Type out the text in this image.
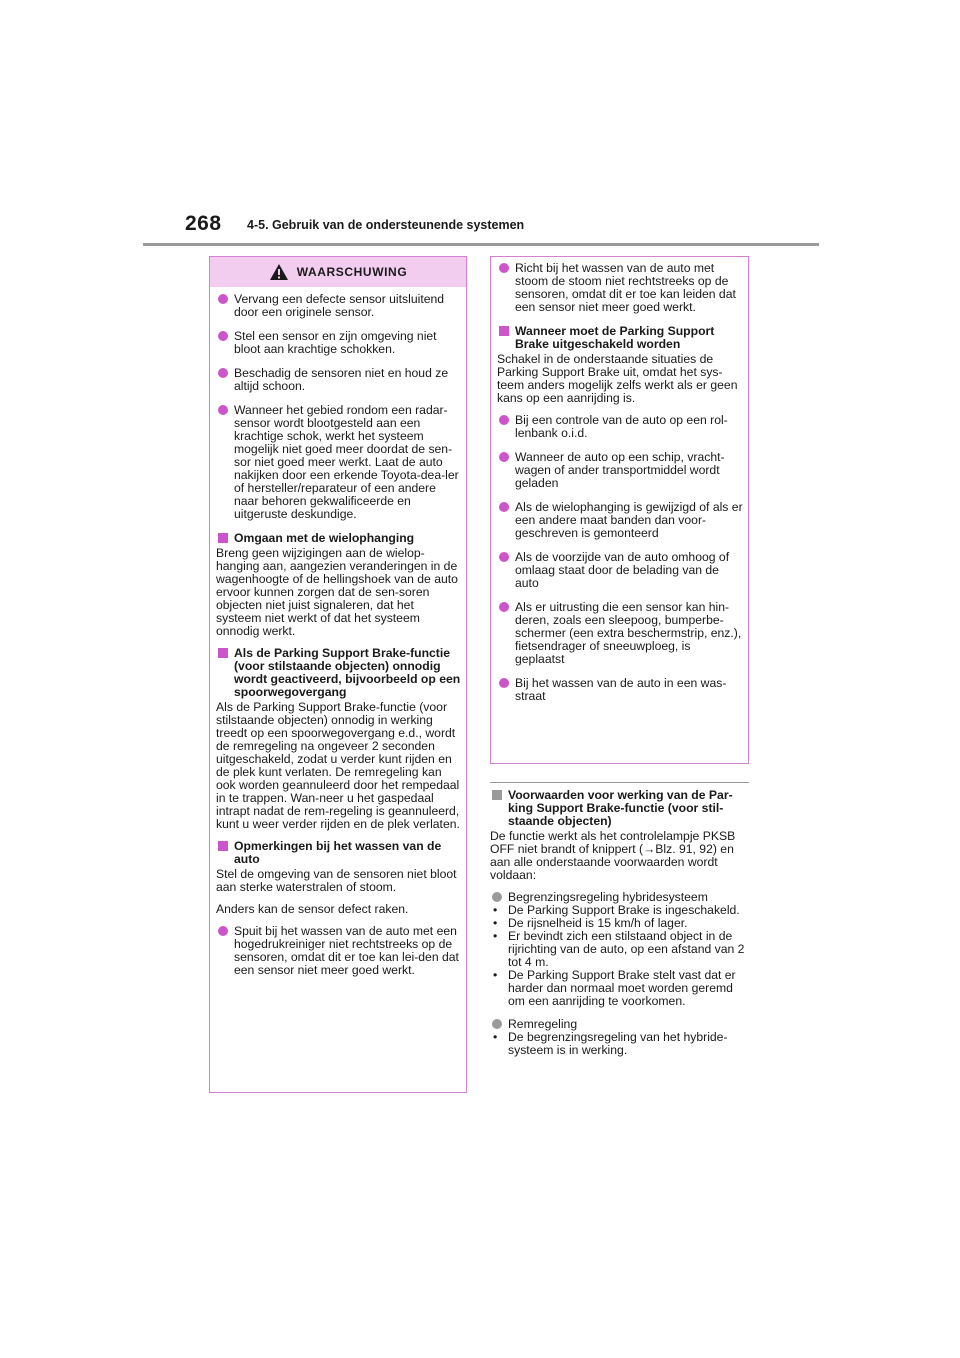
268 4-5. Gebruik van de ondersteunende systemen
WAARSCHUWING
Vervang een defecte sensor uitsluitend door een originele sensor.
Stel een sensor en zijn omgeving niet bloot aan krachtige schokken.
Beschadig de sensoren niet en houd ze altijd schoon.
Wanneer het gebied rondom een radar-sensor wordt blootgesteld aan een krachtige schok, werkt het systeem mogelijk niet goed meer doordat de sen-sor niet goed meer werkt. Laat de auto nakijken door een erkende Toyota-dea-ler of hersteller/reparateur of een andere naar behoren gekwalificeerde en uitgeruste deskundige.
Omgaan met de wielophanging
Breng geen wijzigingen aan de wielop-hanging aan, aangezien veranderingen in de wagenhoogte of de hellingshoek van de auto ervoor kunnen zorgen dat de sen-soren objecten niet juist signaleren, dat het systeem niet werkt of dat het systeem onnodig werkt.
Als de Parking Support Brake-functie (voor stilstaande objecten) onnodig wordt geactiveerd, bijvoorbeeld op een spoorwegovergang
Als de Parking Support Brake-functie (voor stilstaande objecten) onnodig in werking treedt op een spoorwegovergang e.d., wordt de remregeling na ongeveer 2 seconden uitgeschakeld, zodat u verder kunt rijden en de plek kunt verlaten. De remregeling kan ook worden geannuleerd door het rempedaal in te trappen. Wan-neer u het gaspedaal intrapt nadat de rem-regeling is geannuleerd, kunt u weer verder rijden en de plek verlaten.
Opmerkingen bij het wassen van de auto
Stel de omgeving van de sensoren niet bloot aan sterke waterstralen of stoom.
Anders kan de sensor defect raken.
Spuit bij het wassen van de auto met een hogedrukreiniger niet rechtstreeks op de sensoren, omdat dit er toe kan lei-den dat een sensor niet meer goed werkt.
Richt bij het wassen van de auto met stoom de stoom niet rechtstreeks op de sensoren, omdat dit er toe kan leiden dat een sensor niet meer goed werkt.
Wanneer moet de Parking Support Brake uitgeschakeld worden
Schakel in de onderstaande situaties de Parking Support Brake uit, omdat het sys-teem anders mogelijk zelfs werkt als er geen kans op een aanrijding is.
Bij een controle van de auto op een rol-lenbank o.i.d.
Wanneer de auto op een schip, vracht-wagen of ander transportmiddel wordt geladen
Als de wielophanging is gewijzigd of als er een andere maat banden dan voor-geschreven is gemonteerd
Als de voorzijde van de auto omhoog of omlaag staat door de belading van de auto
Als er uitrusting die een sensor kan hin-deren, zoals een sleepoog, bumperbe-schermer (een extra beschermstrip, enz.), fietsendrager of sneeuwploeg, is geplaatst
Bij het wassen van de auto in een was-straat
Voorwaarden voor werking van de Par-king Support Brake-functie (voor stil-staande objecten)
De functie werkt als het controlelampje PKSB OFF niet brandt of knippert (→Blz. 91, 92) en aan alle onderstaande voorwaarden wordt voldaan:
Begrenzingsregeling hybridesysteem
• De Parking Support Brake is ingeschakeld.
• De rijsnelheid is 15 km/h of lager.
• Er bevindt zich een stilstaand object in de rijrichting van de auto, op een afstand van 2 tot 4 m.
• De Parking Support Brake stelt vast dat er harder dan normaal moet worden geremd om een aanrijding te voorkomen.
Remregeling
• De begrenzingsregeling van het hybride-systeem is in werking.
